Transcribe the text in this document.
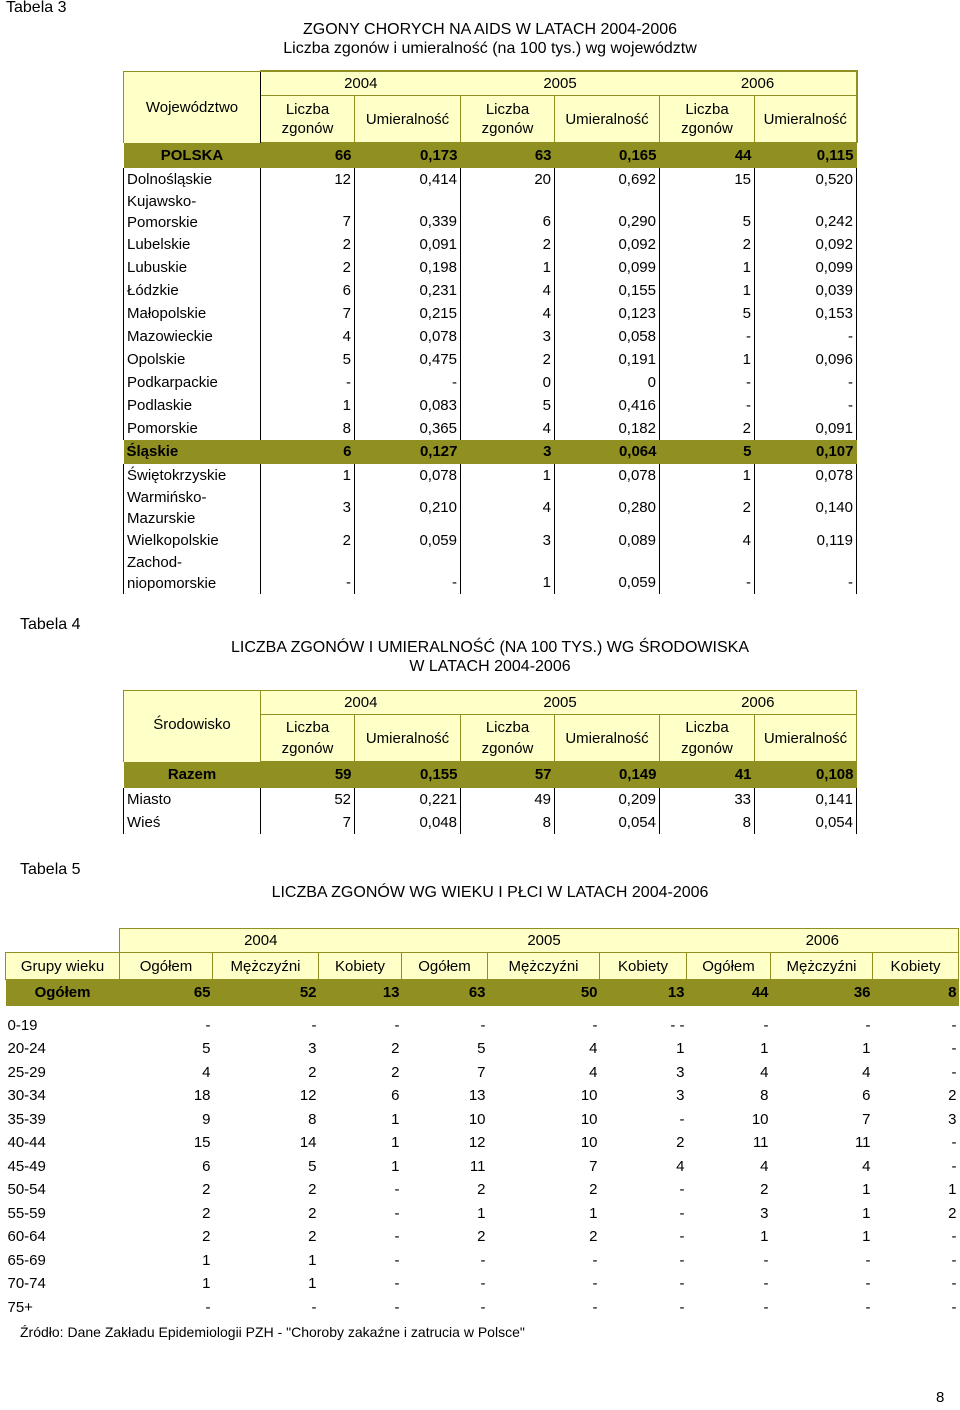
Tabela 3
Tabela 4
Tabela 5
ZGONY CHORYCH NA AIDS W LATACH 2004-2006
Liczba zgonów i umieralność (na 100 tys.) wg województw
Województwo	2004		2005		2006	
	Liczba zgonów	Umieralność	Liczba zgonów	Umieralność	Liczba zgonów	Umieralność
POLSKA	66	0,173	63	0,165	44	0,115
Dolnośląskie	12	0,414	20	0,692	15	0,520
Kujawsko-
Pomorskie	7	0,339	6	0,290	5	0,242
Lubelskie	2	0,091	2	0,092	2	0,092
Lubuskie	2	0,198	1	0,099	1	0,099
Łódzkie	6	0,231	4	0,155	1	0,039
Małopolskie	7	0,215	4	0,123	5	0,153
Mazowieckie	4	0,078	3	0,058	-	-
Opolskie	5	0,475	2	0,191	1	0,096
Podkarpackie	-	-	0	0	-	-
Podlaskie	1	0,083	5	0,416	-	-
Pomorskie	8	0,365	4	0,182	2	0,091
Śląskie	6	0,127	3	0,064	5	0,107
Świętokrzyskie	1	0,078	1	0,078	1	0,078
Warmińsko-
Mazurskie	3	0,210	4	0,280	2	0,140
Wielkopolskie	2	0,059	3	0,089	4	0,119
Zachod-
niopomorskie	-	-	1	0,059	-	-
LICZBA ZGONÓW I UMIERALNOŚĆ (NA 100 TYS.) WG ŚRODOWISKA
W LATACH 2004-2006
Środowisko	2004		2005		2006	
	Liczba zgonów	Umieralność	Liczba zgonów	Umieralność	Liczba zgonów	Umieralność
Razem	59	0,155	57	0,149	41	0,108
Miasto	52	0,221	49	0,209	33	0,141
Wieś	7	0,048	8	0,054	8	0,054
LICZBA ZGONÓW WG WIEKU I PŁCI W LATACH 2004-2006
	2004			2005			2006		
Grupy wieku	Ogółem	Mężczyźni	Kobiety	Ogółem	Mężczyźni	Kobiety	Ogółem	Mężczyźni	Kobiety
Ogółem	65	52	13	63	50	13	44	36	8

0-19	-	-	-	-	-	- -	-	-	-
20-24	5	3	2	5	4	1	1	1	-
25-29	4	2	2	7	4	3	4	4	-
30-34	18	12	6	13	10	3	8	6	2
35-39	9	8	1	10	10	-	10	7	3
40-44	15	14	1	12	10	2	11	11	-
45-49	6	5	1	11	7	4	4	4	-
50-54	2	2	-	2	2	-	2	1	1
55-59	2	2	-	1	1	-	3	1	2
60-64	2	2	-	2	2	-	1	1	-
65-69	1	1	-	-	-	-	-	-	-
70-74	1	1	-	-	-	-	-	-	-
75+	-	-	-	-	-	-	-	-	-
Źródło: Dane Zakładu Epidemiologii PZH - "Choroby zakaźne i zatrucia w Polsce"
8
